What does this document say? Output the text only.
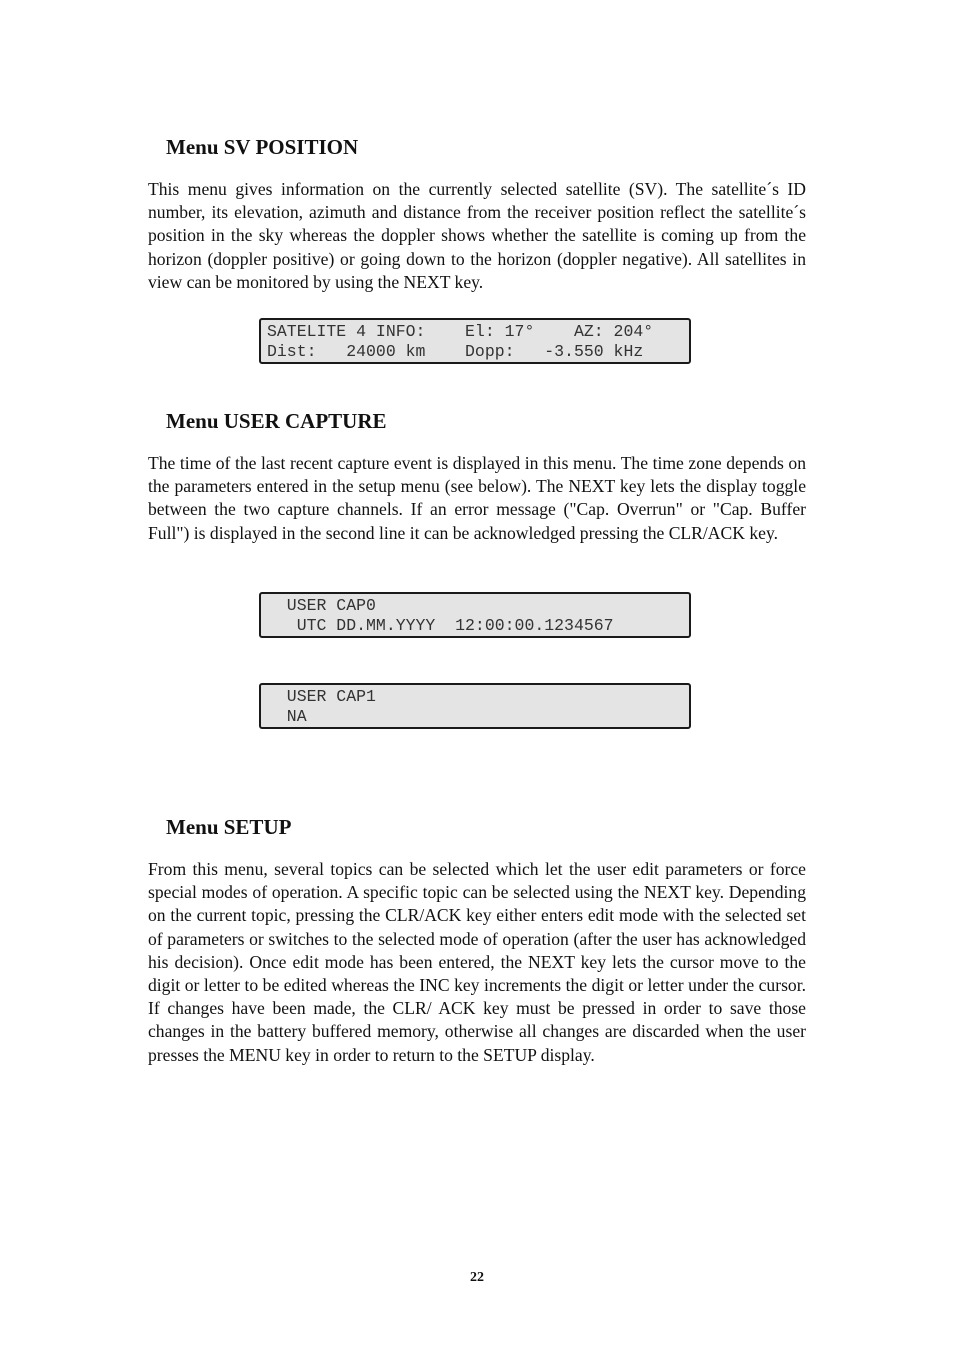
Menu SV POSITION

This menu gives information on the currently selected satellite (SV). The satellite´s ID number, its elevation, azimuth and distance from the receiver position reflect the satellite´s position in the sky whereas the doppler shows whether the satellite is coming up from the horizon (doppler positive) or going down to the horizon (doppler negative). All satellites in view can be monitored by using the NEXT key.

SATELITE 4 INFO:    El: 17°    AZ: 204°
Dist:   24000 km    Dopp:   -3.550 kHz
Menu USER CAPTURE

The time of the last recent capture event is displayed in this menu. The time zone depends on the parameters entered in the setup menu (see below). The NEXT key lets the display toggle between the two capture channels. If an error message ("Cap. Overrun" or "Cap. Buffer Full") is displayed in the second line it can be acknowledged pressing the CLR/ACK key.

USER CAP0
UTC DD.MM.YYYY  12:00:00.1234567
USER CAP1
NA
Menu SETUP

From this menu, several topics can be selected which let the user edit parameters or force special modes of operation. A specific topic can be selected using the NEXT key. Depending on the current topic, pressing the CLR/ACK key either enters edit mode with the selected set of parameters or switches to the selected mode of operation (after the user has acknowledged his decision). Once edit mode has been entered, the NEXT key lets the cursor move to the digit or letter to be edited whereas the INC key increments the digit or letter under the cursor. If changes have been made, the CLR/ ACK key must be pressed in order to save those changes in the battery buffered memory, otherwise all changes are discarded when the user presses the MENU key in order to return to the SETUP display.

22
